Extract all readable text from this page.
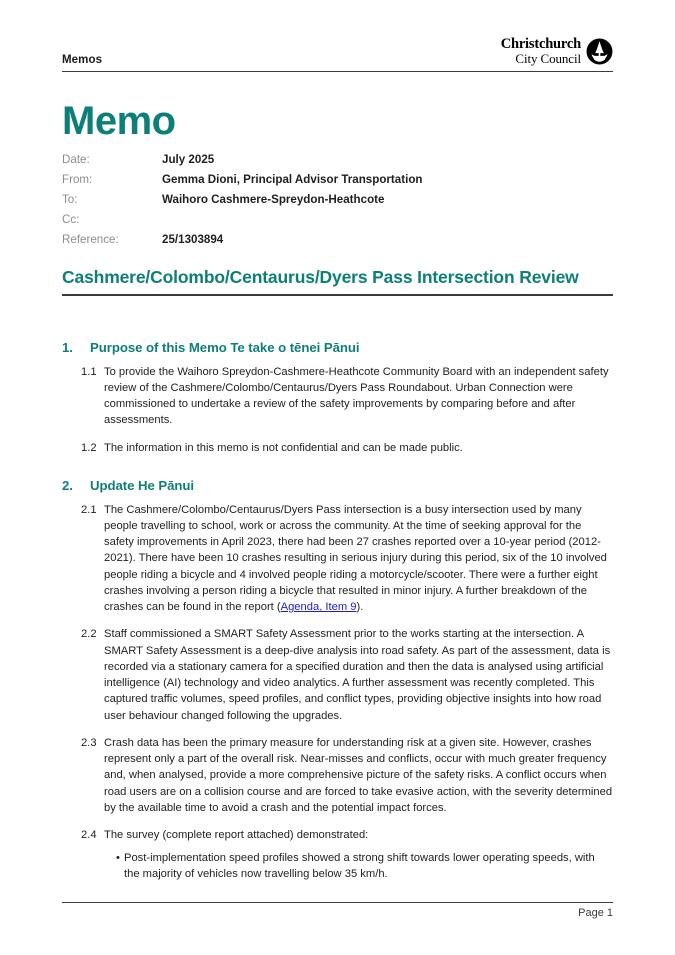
Memos
Christchurch
City Council
Memo
Date:	July 2025
From:	Gemma Dioni, Principal Advisor Transportation
To:	Waihoro Cashmere-Spreydon-Heathcote
Cc:	
Reference:	25/1303894
Cashmere/Colombo/Centaurus/Dyers Pass Intersection Review
1.	Purpose of this Memo Te take o tēnei Pānui
1.1 To provide the Waihoro Spreydon-Cashmere-Heathcote Community Board with an independent safety review of the Cashmere/Colombo/Centaurus/Dyers Pass Roundabout. Urban Connection were commissioned to undertake a review of the safety improvements by comparing before and after assessments.
1.2 The information in this memo is not confidential and can be made public.
2.	Update He Pānui
2.1 The Cashmere/Colombo/Centaurus/Dyers Pass intersection is a busy intersection used by many people travelling to school, work or across the community. At the time of seeking approval for the safety improvements in April 2023, there had been 27 crashes reported over a 10-year period (2012-2021). There have been 10 crashes resulting in serious injury during this period, six of the 10 involved people riding a bicycle and 4 involved people riding a motorcycle/scooter. There were a further eight crashes involving a person riding a bicycle that resulted in minor injury. A further breakdown of the crashes can be found in the report (Agenda, Item 9).
2.2 Staff commissioned a SMART Safety Assessment prior to the works starting at the intersection. A SMART Safety Assessment is a deep-dive analysis into road safety. As part of the assessment, data is recorded via a stationary camera for a specified duration and then the data is analysed using artificial intelligence (AI) technology and video analytics. A further assessment was recently completed. This captured traffic volumes, speed profiles, and conflict types, providing objective insights into how road user behaviour changed following the upgrades.
2.3 Crash data has been the primary measure for understanding risk at a given site. However, crashes represent only a part of the overall risk. Near-misses and conflicts, occur with much greater frequency and, when analysed, provide a more comprehensive picture of the safety risks. A conflict occurs when road users are on a collision course and are forced to take evasive action, with the severity determined by the available time to avoid a crash and the potential impact forces.
2.4 The survey (complete report attached) demonstrated:
• Post-implementation speed profiles showed a strong shift towards lower operating speeds, with the majority of vehicles now travelling below 35 km/h.
Page 1
